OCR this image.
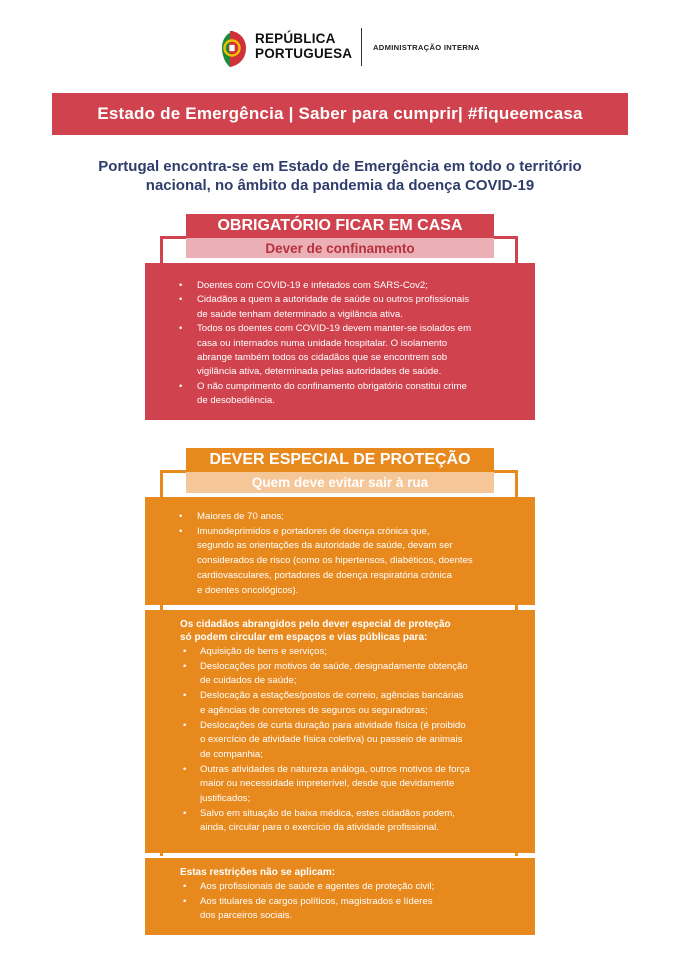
REPÚBLICA
PORTUGUESA	ADMINISTRAÇÃO INTERNA
Estado de Emergência | Saber para cumprir| #fiqueemcasa
Portugal encontra-se em Estado de Emergência em todo o território
nacional, no âmbito da pandemia da doença COVID-19
OBRIGATÓRIO FICAR EM CASA
Dever de confinamento
• Doentes com COVID-19 e infetados com SARS-Cov2;
• Cidadãos a quem a autoridade de saúde ou outros profissionais
de saúde tenham determinado a vigilância ativa.
• Todos os doentes com COVID-19 devem manter-se isolados em
casa ou internados numa unidade hospitalar. O isolamento
abrange também todos os cidadãos que se encontrem sob
vigilância ativa, determinada pelas autoridades de saúde.
• O não cumprimento do confinamento obrigatório constitui crime
de desobediência.
DEVER ESPECIAL DE PROTEÇÃO
Quem deve evitar sair à rua
• Maiores de 70 anos;
• Imunodeprimidos e portadores de doença crónica que,
segundo as orientações da autoridade de saúde, devam ser
considerados de risco (como os hipertensos, diabéticos, doentes
cardiovasculares, portadores de doença respiratória crónica
e doentes oncológicos).
Os cidadãos abrangidos pelo dever especial de proteção
só podem circular em espaços e vias públicas para:
• Aquisição de bens e serviços;
• Deslocações por motivos de saúde, designadamente obtenção
de cuidados de saúde;
• Deslocação a estações/postos de correio, agências bancárias
e agências de corretores de seguros ou seguradoras;
• Deslocações de curta duração para atividade física (é proibido
o exercício de atividade física coletiva) ou passeio de animais
de companhia;
• Outras atividades de natureza análoga, outros motivos de força
maior ou necessidade impreterível, desde que devidamente
justificados;
• Salvo em situação de baixa médica, estes cidadãos podem,
ainda, circular para o exercício da atividade profissional.
Estas restrições não se aplicam:
• Aos profissionais de saúde e agentes de proteção civil;
• Aos titulares de cargos políticos, magistrados e líderes
dos parceiros sociais.
